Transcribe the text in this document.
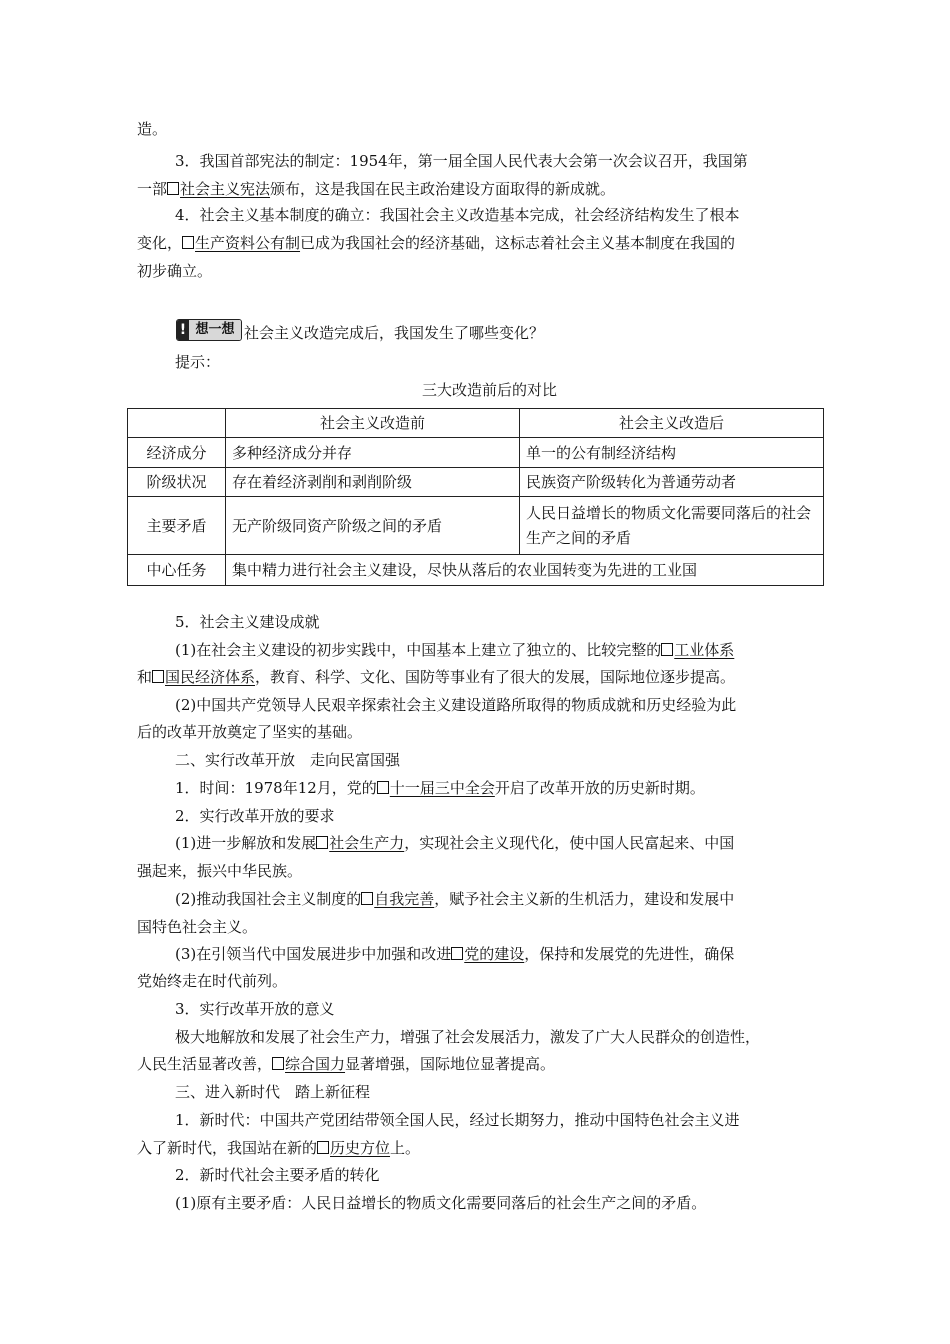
造。
3．我国首部宪法的制定：1954年，第一届全国人民代表大会第一次会议召开，我国第
一部 社会主义宪法颁布，这是我国在民主政治建设方面取得的新成就。
4．社会主义基本制度的确立：我国社会主义改造基本完成，社会经济结构发生了根本
变化， 生产资料公有制已成为我国社会的经济基础，这标志着社会主义基本制度在我国的
初步确立。
! 想一想 社会主义改造完成后，我国发生了哪些变化？
提示：
三大改造前后的对比
	社会主义改造前	社会主义改造后
经济成分	多种经济成分并存	单一的公有制经济结构
阶级状况	存在着经济剥削和剥削阶级	民族资产阶级转化为普通劳动者
主要矛盾	无产阶级同资产阶级之间的矛盾	人民日益增长的物质文化需要同落后的社会生产之间的矛盾
中心任务	集中精力进行社会主义建设，尽快从落后的农业国转变为先进的工业国	
5．社会主义建设成就
(1)在社会主义建设的初步实践中，中国基本上建立了独立的、比较完整的 工业体系
和 国民经济体系，教育、科学、文化、国防等事业有了很大的发展，国际地位逐步提高。
(2)中国共产党领导人民艰辛探索社会主义建设道路所取得的物质成就和历史经验为此
后的改革开放奠定了坚实的基础。
二、实行改革开放　走向民富国强
1．时间：1978年12月，党的 十一届三中全会开启了改革开放的历史新时期。
2．实行改革开放的要求
(1)进一步解放和发展 社会生产力，实现社会主义现代化，使中国人民富起来、中国
强起来，振兴中华民族。
(2)推动我国社会主义制度的 自我完善，赋予社会主义新的生机活力，建设和发展中
国特色社会主义。
(3)在引领当代中国发展进步中加强和改进 党的建设，保持和发展党的先进性，确保
党始终走在时代前列。
3．实行改革开放的意义
极大地解放和发展了社会生产力，增强了社会发展活力，激发了广大人民群众的创造性，
人民生活显著改善， 综合国力显著增强，国际地位显著提高。
三、进入新时代　踏上新征程
1．新时代：中国共产党团结带领全国人民，经过长期努力，推动中国特色社会主义进
入了新时代，我国站在新的 历史方位上。
2．新时代社会主要矛盾的转化
(1)原有主要矛盾：人民日益增长的物质文化需要同落后的社会生产之间的矛盾。
